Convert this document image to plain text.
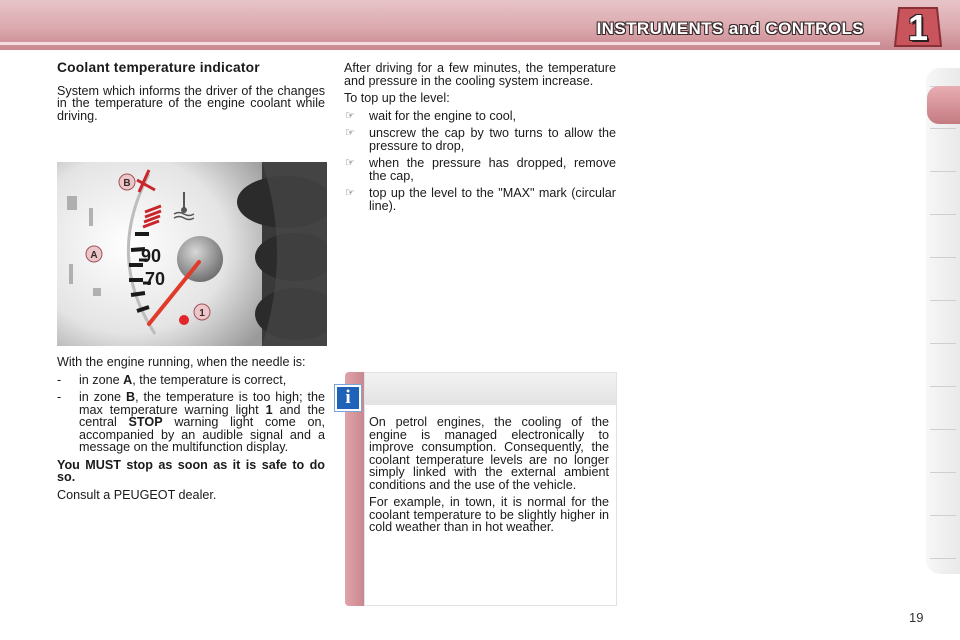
INSTRUMENTS and CONTROLS	1
Coolant temperature indicator
System which informs the driver of the changes in the temperature of the engine coolant while driving.
90
70
B
A
1
With the engine running, when the needle is:
- in zone A, the temperature is correct,
- in zone B, the temperature is too high; the max temperature warning light 1 and the central STOP warning light come on, accompanied by an audible signal and a message on the multifunction display.
You MUST stop as soon as it is safe to do so.
Consult a PEUGEOT dealer.
After driving for a few minutes, the temperature and pressure in the cooling system increase.
To top up the level:
☞ wait for the engine to cool,
☞ unscrew the cap by two turns to allow the pressure to drop,
☞ when the pressure has dropped, remove the cap,
☞ top up the level to the "MAX" mark (circular line).
i
On petrol engines, the cooling of the engine is managed electronically to improve consumption. Consequently, the coolant temperature levels are no longer simply linked with the external ambient conditions and the use of the vehicle.
For example, in town, it is normal for the coolant temperature to be slightly higher in cold weather than in hot weather.
19
